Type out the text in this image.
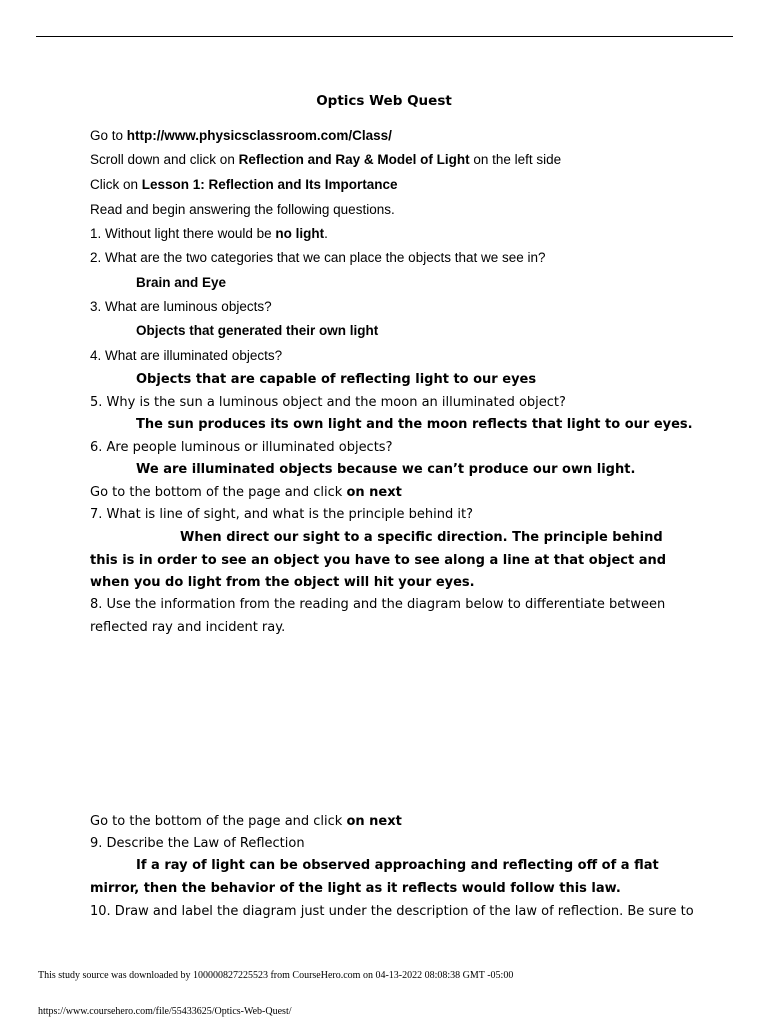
Optics Web Quest
Go to http://www.physicsclassroom.com/Class/
Scroll down and click on Reflection and Ray & Model of Light on the left side
Click on Lesson 1: Reflection and Its Importance
Read and begin answering the following questions.
1. Without light there would be no light.
2. What are the two categories that we can place the objects that we see in?
Brain and Eye
3. What are luminous objects?
Objects that generated their own light
4. What are illuminated objects?
Objects that are capable of reflecting light to our eyes
5. Why is the sun a luminous object and the moon an illuminated object?
The sun produces its own light and the moon reflects that light to our eyes.
6. Are people luminous or illuminated objects?
We are illuminated objects because we can’t produce our own light.
Go to the bottom of the page and click on next
7. What is line of sight, and what is the principle behind it?
When direct our sight to a specific direction. The principle behind
this is in order to see an object you have to see along a line at that object and
when you do light from the object will hit your eyes.
8. Use the information from the reading and the diagram below to differentiate between
reflected ray and incident ray.
Go to the bottom of the page and click on next
9. Describe the Law of Reflection
If a ray of light can be observed approaching and reflecting off of a flat
mirror, then the behavior of the light as it reflects would follow this law.
10. Draw and label the diagram just under the description of the law of reflection. Be sure to
This study source was downloaded by 100000827225523 from CourseHero.com on 04-13-2022 08:08:38 GMT -05:00
https://www.coursehero.com/file/55433625/Optics-Web-Quest/
